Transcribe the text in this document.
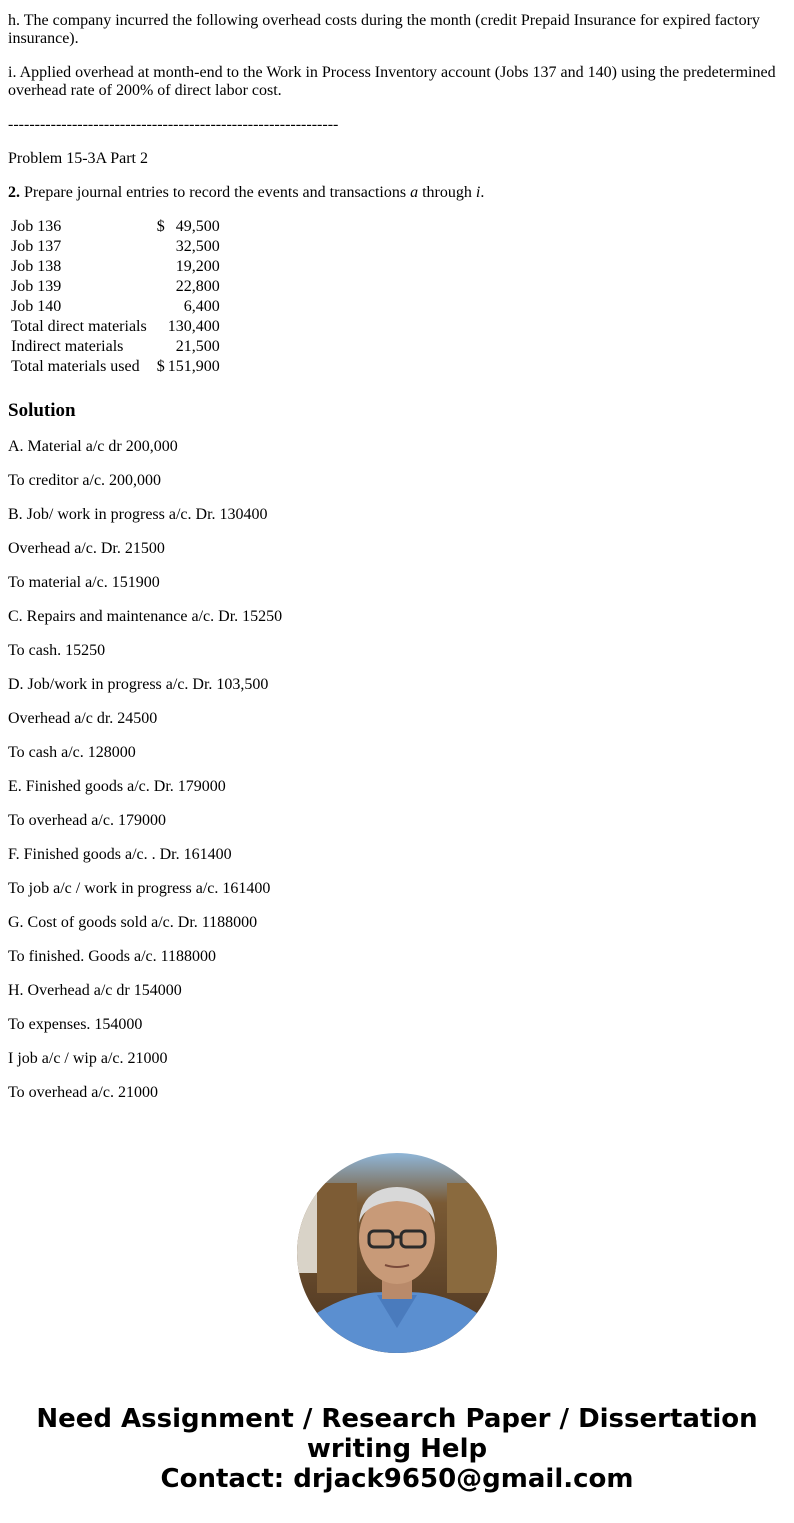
h. The company incurred the following overhead costs during the month (credit Prepaid Insurance for expired factory insurance).

i. Applied overhead at month-end to the Work in Process Inventory account (Jobs 137 and 140) using the predetermined overhead rate of 200% of direct labor cost.

--------------------------------------------------------------

Problem 15-3A Part 2

2. Prepare journal entries to record the events and transactions a through i.

Job 136	$	49,500
Job 137		32,500
Job 138		19,200
Job 139		22,800
Job 140		6,400
Total direct materials		130,400
Indirect materials		21,500
Total materials used	$	151,900
Solution

A. Material a/c dr 200,000

To creditor a/c. 200,000

B. Job/ work in progress a/c. Dr. 130400

Overhead a/c. Dr. 21500

To material a/c. 151900

C. Repairs and maintenance a/c. Dr. 15250

To cash. 15250

D. Job/work in progress a/c. Dr. 103,500

Overhead a/c dr. 24500

To cash a/c. 128000

E. Finished goods a/c. Dr. 179000

To overhead a/c. 179000

F. Finished goods a/c. . Dr. 161400

To job a/c / work in progress a/c. 161400

G. Cost of goods sold a/c. Dr. 1188000

To finished. Goods a/c. 1188000

H. Overhead a/c dr 154000

To expenses. 154000

I job a/c / wip a/c. 21000

To overhead a/c. 21000

Need Assignment / Research Paper / Dissertation
writing Help
Contact: drjack9650@gmail.com
